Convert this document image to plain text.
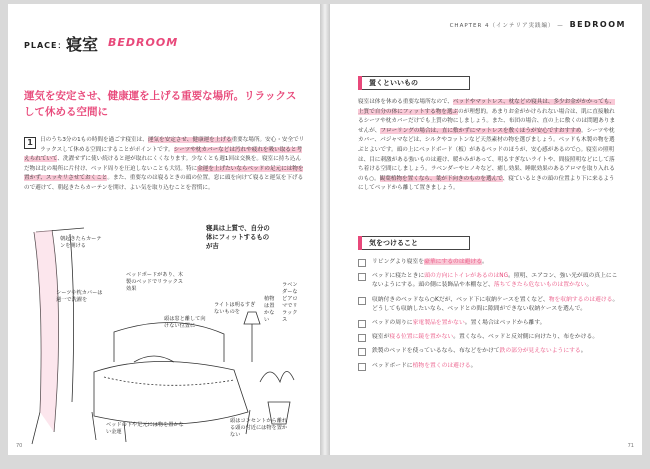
PLACE： 寝室 BEDROOM
運気を安定させ、健康運を上げる重要な場所。リラックスして休める空間に
1	日のうち3分の1もの時間を過ごす寝室は、運気を安定させ、健康運を上げる重要な場所。安心・安全でリラックスして休める空間にすることがポイントです。シーツや枕カバーなどは汚れや疲れを吸い取ると考えられていて、洗濯せずに使い続けると運が取れにくくなります。少なくとも週1回は交換を。寝室に持ち込んだ物は北の場所に片付け、ベッド周りを圧迫しないことも大切。特に金運を上げたいならベッドの足元には物を置かず、スッキリさせておくこと。また、重要なのは寝るときの頭の位置。窓に頭を向けて寝ると運気を下げるので避けて、朝起きたらカーテンを開け、よい気を取り込むことを習慣に。
朝起きたらカーテンを開ける
シーツや枕カバーは週一で洗濯を
ベッドボードがあり、木製のベッドでリラックス効果
頭は窓と離して向けない位置に
ライトは明るすぎないものを
植物は置かない
ラベンダーなどアロマでリラックス
寝具は上質で、自分の体にフィットするものが吉
ベッドの下や足元には物を置かない金運
頭はコンセントから離れる頭の付近には物を置かない
70
CHAPTER 4（インテリア実践編） — BEDROOM
置くといいもの
寝室は体を休める重要な場所なので、ベッドやマットレス、枕などの寝具は、多少お金がかかっても、上質で自分の体にフィットする物を選ぶのが理想的。あまりお金がかけられない場合は、肌に直接触れるシーツや枕カバーだけでも上質の物にしましょう。また、布団の場合、直の上に敷くのは問題ありませんが、フローリングの場合は、直に敷かずにマットレスを敷くほうが安心ですおすすめ。シーツや枕カバー、パジャマなどは、シルクやコットンなど天然素材の物を選びましょう。ベッドも木製の物を選ぶとよいです。頭の上にベッドボード（板）があるベッドのほうが、安心感があるので○。寝室の照明は、目に刺激がある強いものは避け、暖かみがあって、明るすぎないライトや、間接照明などにして落ち着ける空間にしましょう。ラベンダーやヒノキなど、癒し効果、睡眠効果のあるアロマを取り入れるのも○。観葉植物を置くなら、葉が下向きのものを選んで、寝ているときの頭の位置より下に来るようにしてベッドから離して置きましょう。
気をつけること
リビングより寝室を豪華にするのは避ける。
ベッドに寝たときに頭の方向にトイレがあるのはNG。照明、エアコン、強い光が頭の真上にこないようにする。頭の側に装飾品や本棚など、落ちてきたら危ないものは置かない。
収納付きのベッドなら○Kだが、ベッド下に収納ケースを置くなど、物を収納するのは避ける。どうしても収納したいなら、ベッドとの間に隙間ができない収納ケースを選んで。
ベッドの周りに家電製品を置かない。置く場合はベッドから離す。
寝室が寝る位置に鏡を置かない。置くなら、ベッドと反対側に向けたり、布をかける。
鉄製のベッドを使っているなら、布などをかけて鉄の部分が見えないようにする。
ベッドボードに植物を置くのは避ける。
71
